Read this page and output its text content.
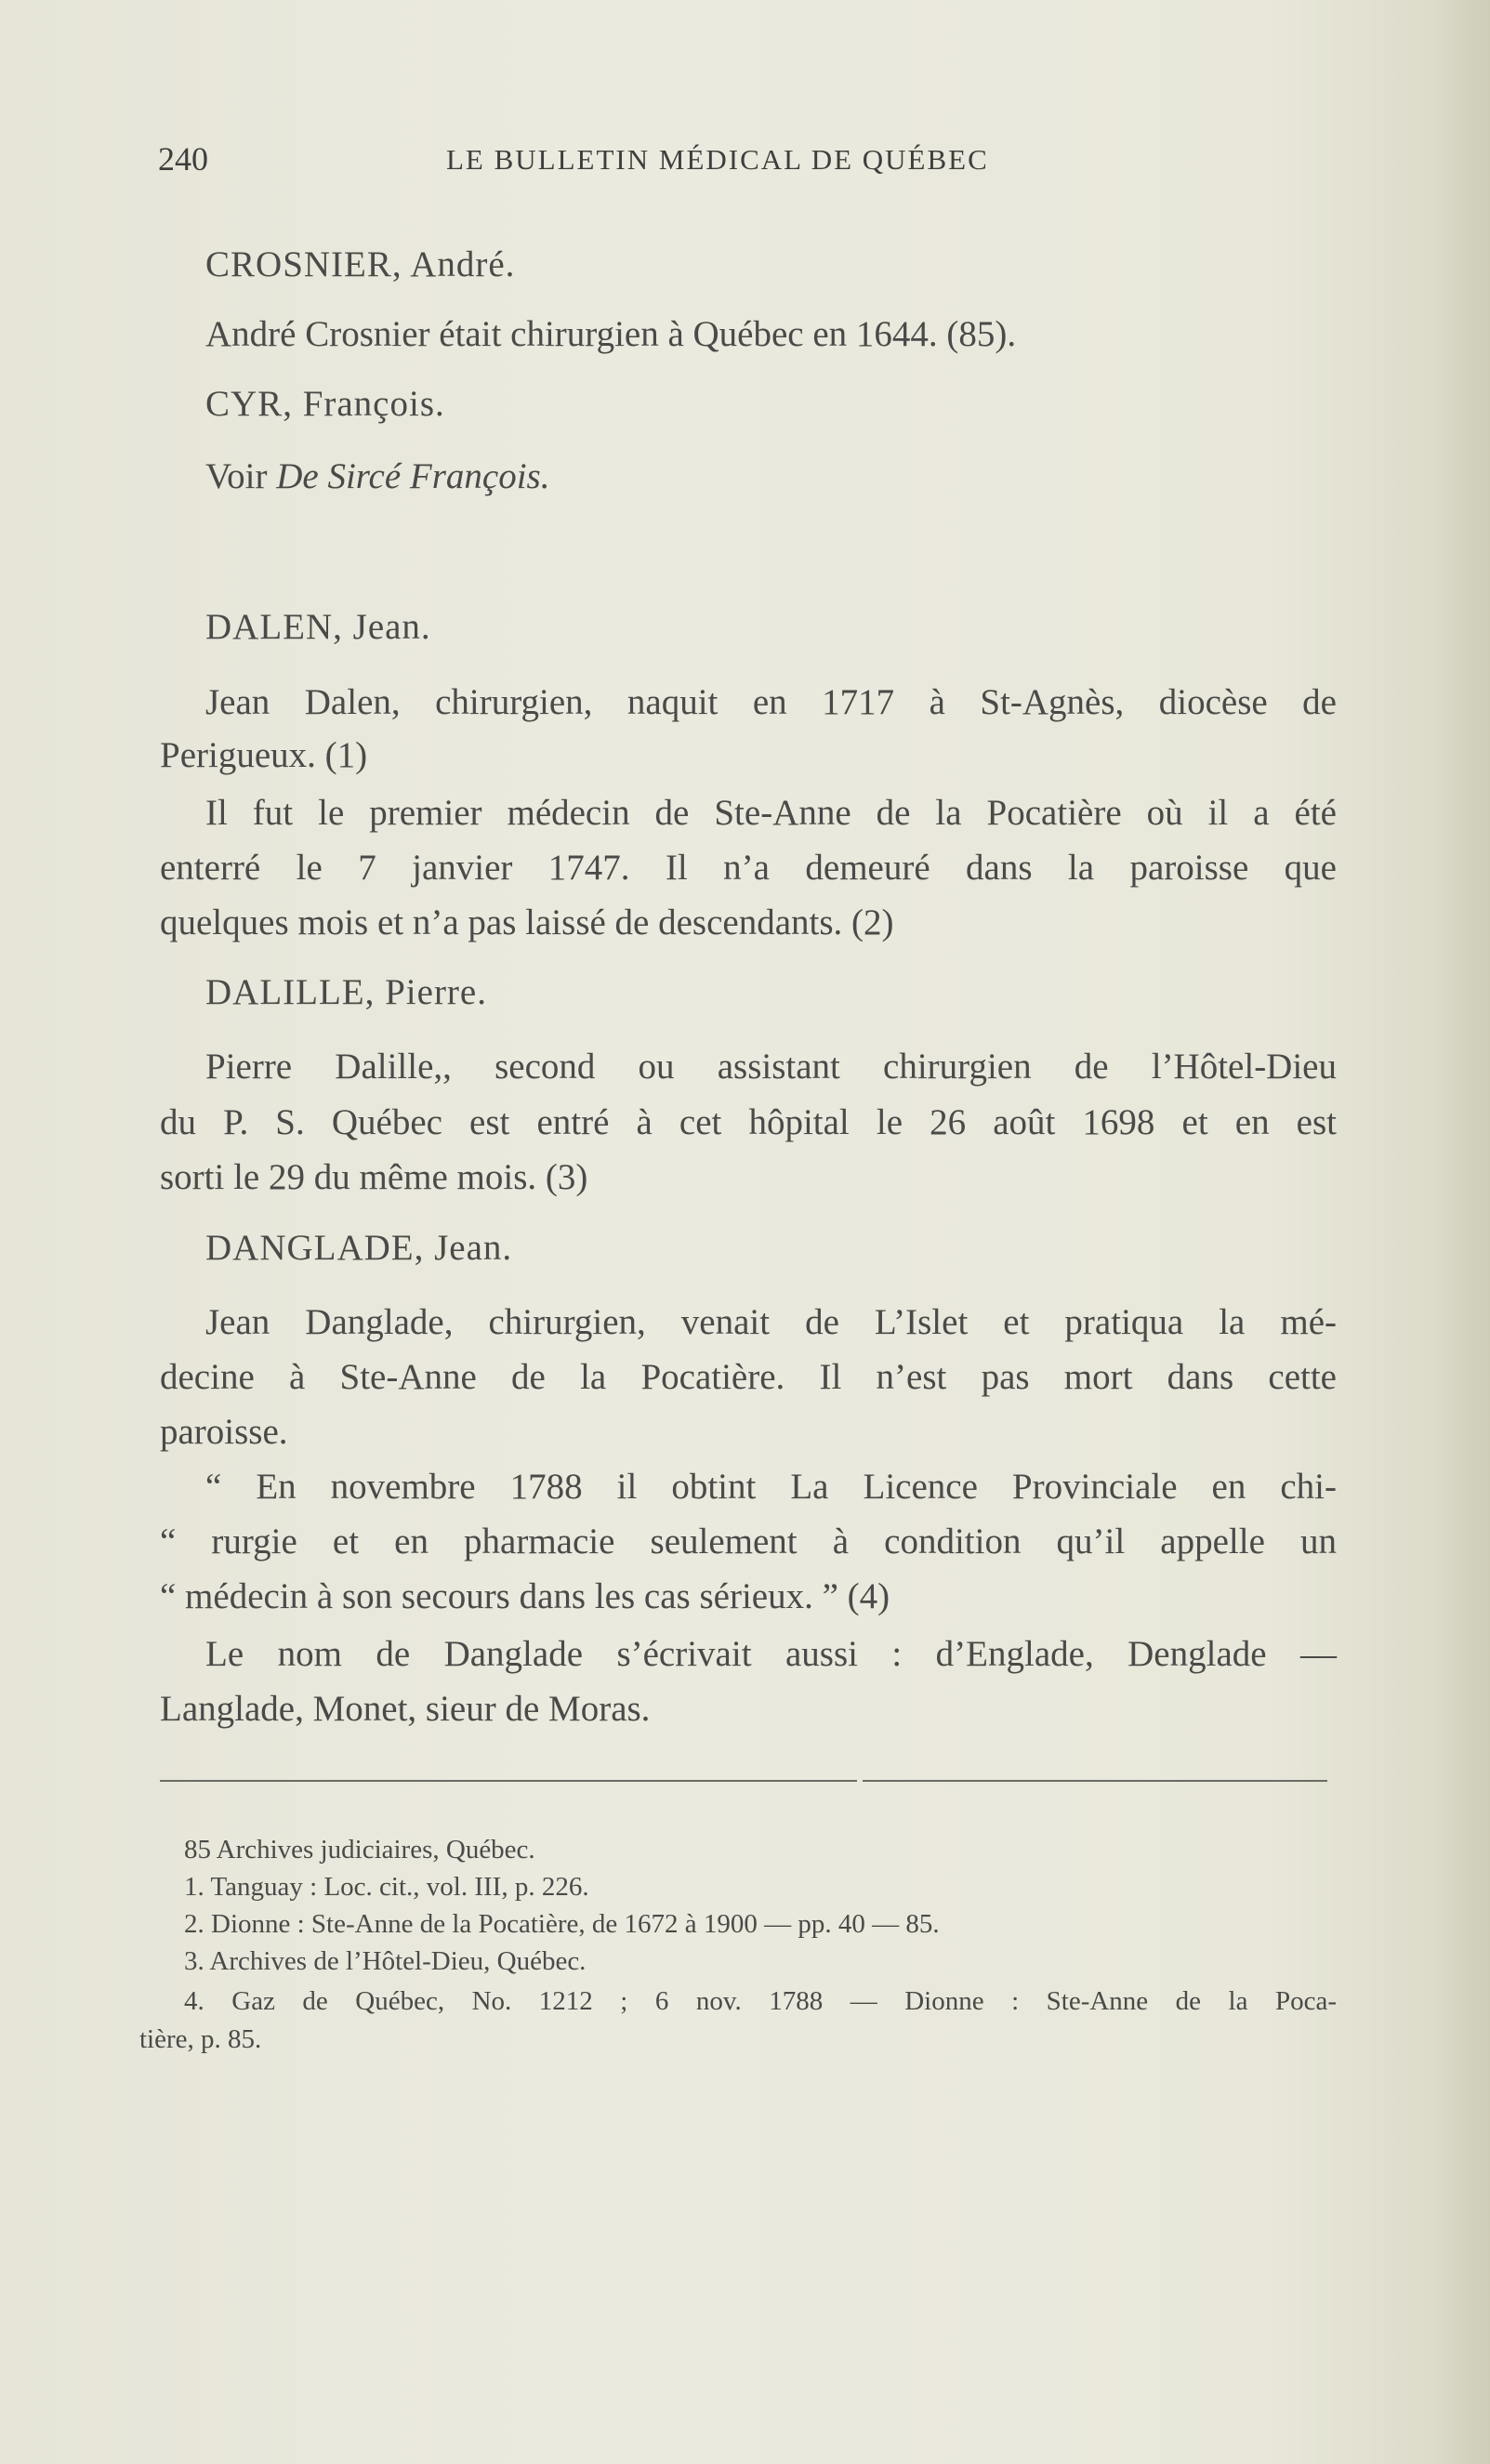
240	LE BULLETIN MÉDICAL DE QUÉBEC
CROSNIER, André.
André Crosnier était chirurgien à Québec en 1644. (85).
CYR, François.
Voir De Sircé François.
DALEN, Jean.
Jean Dalen, chirurgien, naquit en 1717 à St-Agnès, diocèse de
Perigueux. (1)
Il fut le premier médecin de Ste-Anne de la Pocatière où il a été
enterré le 7 janvier 1747. Il n’a demeuré dans la paroisse que
quelques mois et n’a pas laissé de descendants. (2)
DALILLE, Pierre.
Pierre Dalille,, second ou assistant chirurgien de l’Hôtel-Dieu
du P. S. Québec est entré à cet hôpital le 26 août 1698 et en est
sorti le 29 du même mois. (3)
DANGLADE, Jean.
Jean Danglade, chirurgien, venait de L’Islet et pratiqua la mé-
decine à Ste-Anne de la Pocatière. Il n’est pas mort dans cette
paroisse.
“ En novembre 1788 il obtint La Licence Provinciale en chi-
“ rurgie et en pharmacie seulement à condition qu’il appelle un
“ médecin à son secours dans les cas sérieux. ” (4)
Le nom de Danglade s’écrivait aussi : d’Englade, Denglade —
Langlade, Monet, sieur de Moras.
85 Archives judiciaires, Québec.
1. Tanguay : Loc. cit., vol. III, p. 226.
2. Dionne : Ste-Anne de la Pocatière, de 1672 à 1900 — pp. 40 — 85.
3. Archives de l’Hôtel-Dieu, Québec.
4. Gaz de Québec, No. 1212 ; 6 nov. 1788 — Dionne : Ste-Anne de la Poca-
tière, p. 85.
